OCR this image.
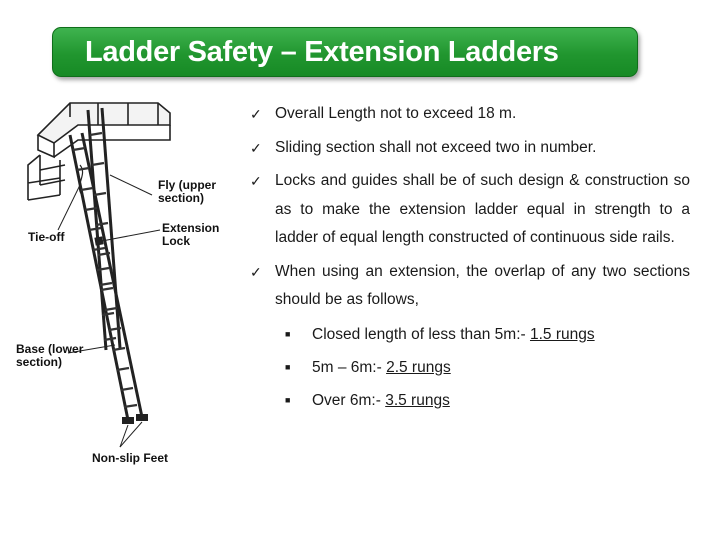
Ladder Safety – Extension Ladders
Fly (upper
section)
Extension
Lock
Tie-off
Base (lower
section)
Non-slip Feet
✓ Overall Length not to exceed 18 m.
✓ Sliding section shall not exceed two in number.
✓ Locks and guides shall be of such design & construction so as to make the extension ladder equal in strength to a ladder of equal length constructed of continuous side rails.
✓ When using an extension, the overlap of any two sections should be as follows,
■ Closed length of less than 5m:- 1.5 rungs
■ 5m – 6m:- 2.5 rungs
■ Over 6m:- 3.5 rungs
